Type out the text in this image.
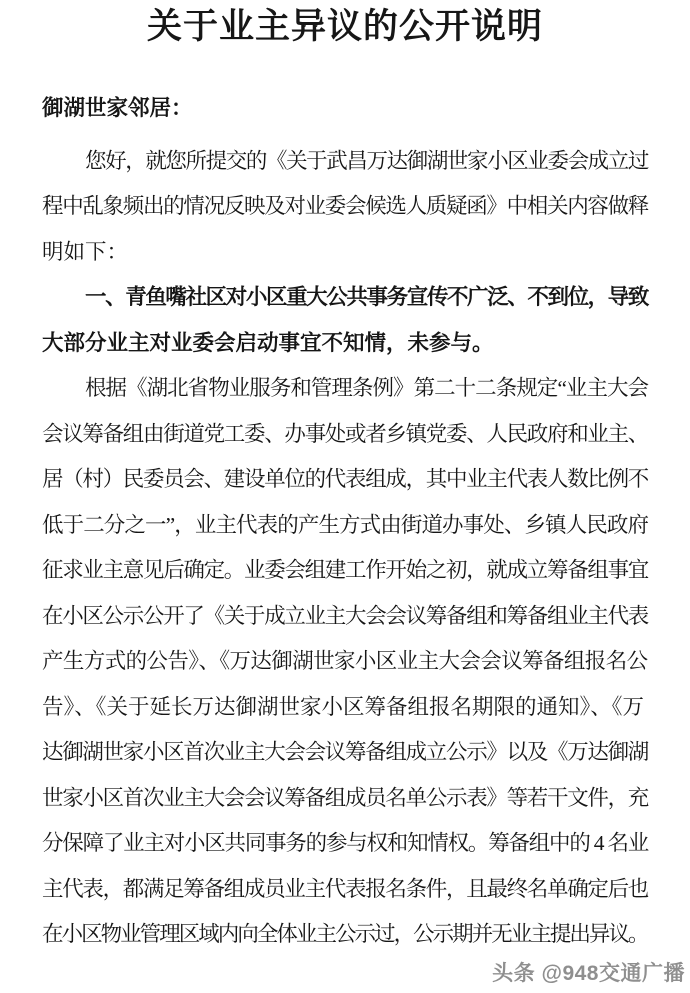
关于业主异议的公开说明
御湖世家邻居：
您好，就您所提交的《关于武昌万达御湖世家小区业委会成立过
程中乱象频出的情况反映及对业委会候选人质疑函》中相关内容做释
明如下：
一、青鱼嘴社区对小区重大公共事务宣传不广泛、不到位，导致
大部分业主对业委会启动事宜不知情，未参与。
根据《湖北省物业服务和管理条例》第二十二条规定“业主大会
会议筹备组由街道党工委、办事处或者乡镇党委、人民政府和业主、
居（村）民委员会、建设单位的代表组成，其中业主代表人数比例不
低于二分之一”，业主代表的产生方式由街道办事处、乡镇人民政府
征求业主意见后确定。业委会组建工作开始之初，就成立筹备组事宜
在小区公示公开了《关于成立业主大会会议筹备组和筹备组业主代表
产生方式的公告》、《万达御湖世家小区业主大会会议筹备组报名公
告》、《关于延长万达御湖世家小区筹备组报名期限的通知》、《万
达御湖世家小区首次业主大会会议筹备组成立公示》以及《万达御湖
世家小区首次业主大会会议筹备组成员名单公示表》等若干文件，充
分保障了业主对小区共同事务的参与权和知情权。筹备组中的 4 名业
主代表，都满足筹备组成员业主代表报名条件，且最终名单确定后也
在小区物业管理区域内向全体业主公示过，公示期并无业主提出异议。
头条 @948交通广播
